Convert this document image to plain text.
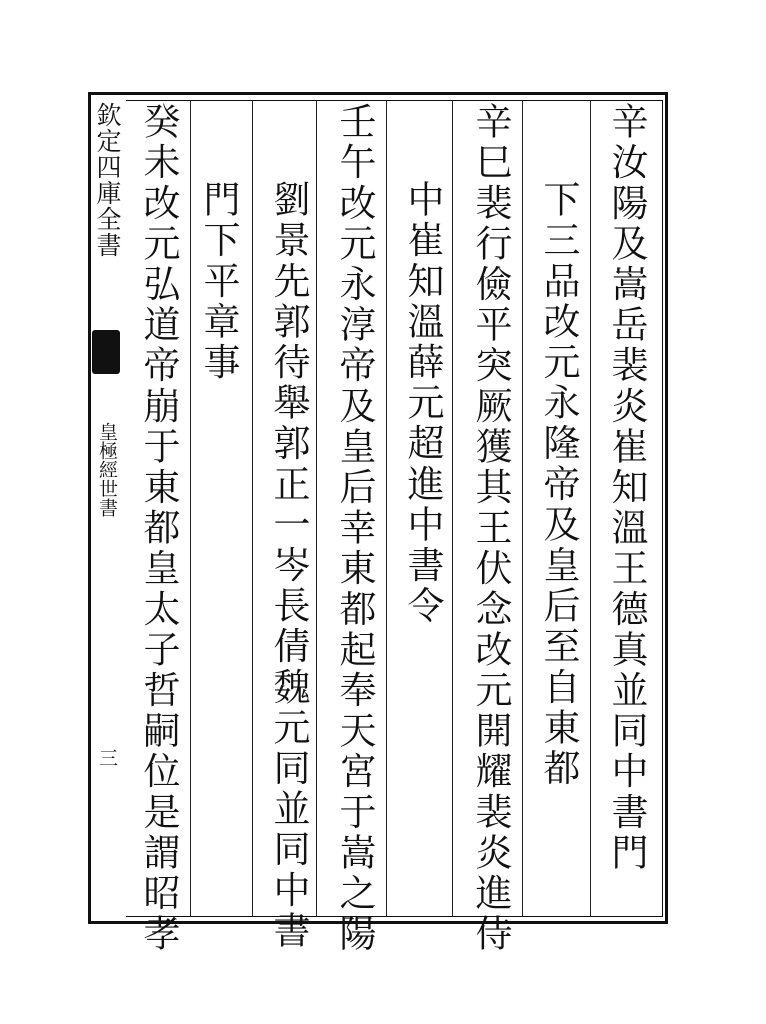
欽定四庫全書
皇極經世書
三	辛汝陽及嵩岳裴炎崔知溫王德真並同中書門
下三品改元永隆帝及皇后至自東都
辛巳裴行儉平突厥獲其王伏念改元開耀裴炎進侍
中崔知溫薛元超進中書令
壬午改元永淳帝及皇后幸東都起奉天宮于嵩之陽
劉景先郭待舉郭正一岑長倩魏元同並同中書
門下平章事
癸未改元弘道帝崩于東都皇太子哲嗣位是謂昭孝
